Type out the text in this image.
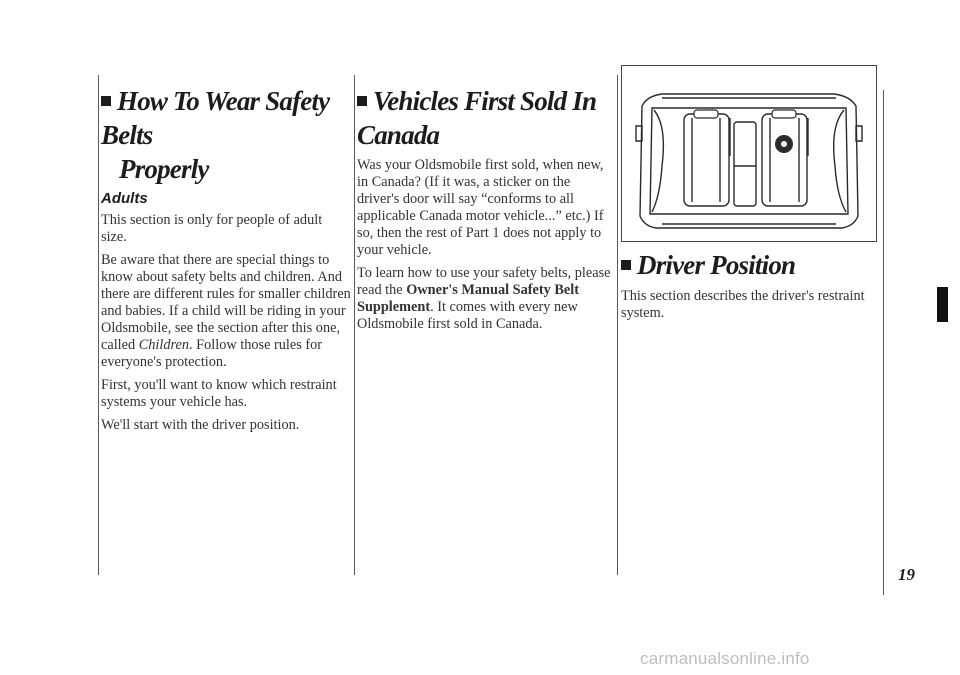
How To Wear Safety Belts
Properly
Adults

This section is only for people of adult size.

Be aware that there are special things to know about safety belts and children. And there are different rules for smaller children and babies. If a child will be riding in your Oldsmobile, see the section after this one, called Children. Follow those rules for everyone's protection.

First, you'll want to know which restraint systems your vehicle has.

We'll start with the driver position.

Vehicles First Sold In Canada

Was your Oldsmobile first sold, when new, in Canada? (If it was, a sticker on the driver's door will say “conforms to all applicable Canada motor vehicle...” etc.) If so, then the rest of Part 1 does not apply to your vehicle.

To learn how to use your safety belts, please read the Owner's Manual Safety Belt Supplement. It comes with every new Oldsmobile first sold in Canada.

Driver Position

This section describes the driver's restraint system.

19
carmanualsonline.info
